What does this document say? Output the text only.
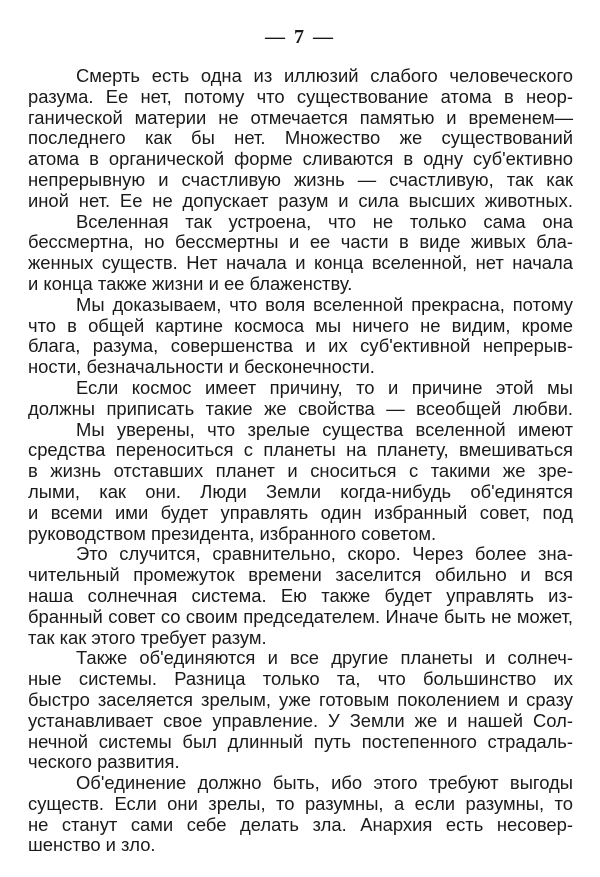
— 7 —
Смерть есть одна из иллюзий слабого человеческого
разума. Ее нет, потому что существование атома в неор-
ганической материи не отмечается памятью и временем—
последнего как бы нет. Множество же существований
атома в органической форме сливаются в одну суб'ективно
непрерывную и счастливую жизнь — счастливую, так как
иной нет. Ее не допускает разум и сила высших животных.
Вселенная так устроена, что не только сама она
бессмертна, но бессмертны и ее части в виде живых бла-
женных существ. Нет начала и конца вселенной, нет начала
и конца также жизни и ее блаженству.
Мы доказываем, что воля вселенной прекрасна, потому
что в общей картине космоса мы ничего не видим, кроме
блага, разума, совершенства и их суб'ективной непрерыв-
ности, безначальности и бесконечности.
Если космос имеет причину, то и причине этой мы
должны приписать такие же свойства — всеобщей любви.
Мы уверены, что зрелые существа вселенной имеют
средства переноситься с планеты на планету, вмешиваться
в жизнь отставших планет и сноситься с такими же зре-
лыми, как они. Люди Земли когда-нибудь об'единятся
и всеми ими будет управлять один избранный совет, под
руководством президента, избранного советом.
Это случится, сравнительно, скоро. Через более зна-
чительный промежуток времени заселится обильно и вся
наша солнечная система. Ею также будет управлять из-
бранный совет со своим председателем. Иначе быть не может,
так как этого требует разум.
Также об'единяются и все другие планеты и солнеч-
ные системы. Разница только та, что большинство их
быстро заселяется зрелым, уже готовым поколением и сразу
устанавливает свое управление. У Земли же и нашей Сол-
нечной системы был длинный путь постепенного страдаль-
ческого развития.
Об'единение должно быть, ибо этого требуют выгоды
существ. Если они зрелы, то разумны, а если разумны, то
не станут сами себе делать зла. Анархия есть несовер-
шенство и зло.
